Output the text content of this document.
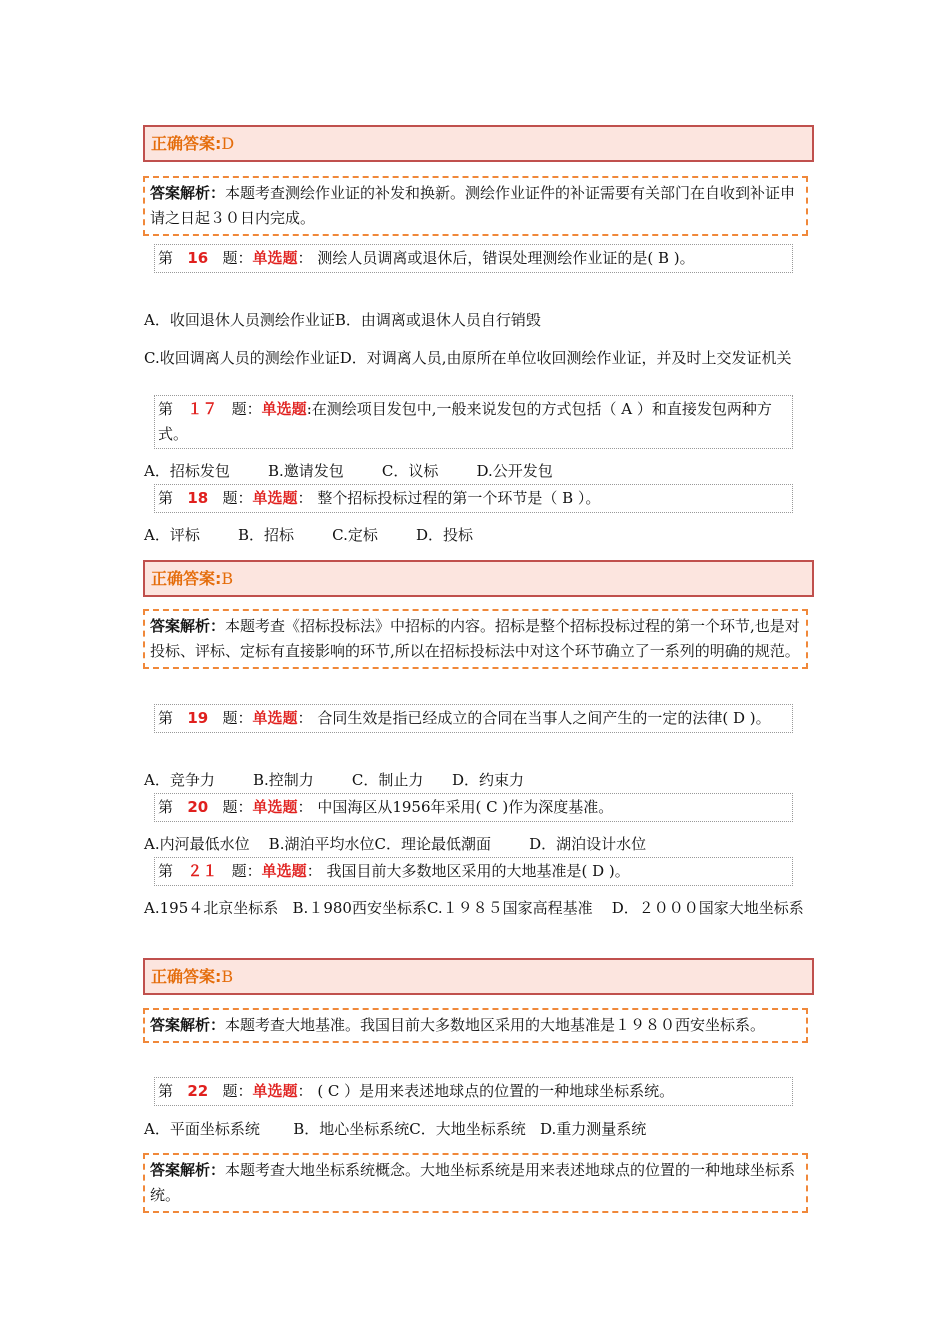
正确答案:D
答案解析：本题考查测绘作业证的补发和换新。测绘作业证件的补证需要有关部门在自收到补证申请之日起３０日内完成。
第 16 题：单选题： 测绘人员调离或退休后，错误处理测绘作业证的是( B )。
A．收回退休人员测绘作业证B．由调离或退休人员自行销毁
C.收回调离人员的测绘作业证D．对调离人员,由原所在单位收回测绘作业证，并及时上交发证机关
第 １７ 题：单选题:在测绘项目发包中,一般来说发包的方式包括（ A ）和直接发包两种方式。
A．招标发包        B.邀请发包        C．议标        D.公开发包
第 18 题：单选题： 整个招标投标过程的第一个环节是（ B ）。
A．评标        B．招标        C.定标        D．投标
正确答案:B
答案解析：本题考查《招标投标法》中招标的内容。招标是整个招标投标过程的第一个环节,也是对投标、评标、定标有直接影响的环节,所以在招标投标法中对这个环节确立了一系列的明确的规范。
第 19 题：单选题： 合同生效是指已经成立的合同在当事人之间产生的一定的法律( D )。
A．竞争力        B.控制力        C．制止力      D．约束力
第 20 题：单选题： 中国海区从1956年采用( C )作为深度基准。
A.内河最低水位    B.湖泊平均水位C．理论最低潮面        D．湖泊设计水位
第 ２１ 题：单选题： 我国目前大多数地区采用的大地基准是( D )。
A.195４北京坐标系   B.１980西安坐标系C.１９８５国家高程基准    D．２０００国家大地坐标系
正确答案:B
答案解析：本题考查大地基准。我国目前大多数地区采用的大地基准是１９８０西安坐标系。
第 22 题：单选题： ( C ）是用来表述地球点的位置的一种地球坐标系统。
A．平面坐标系统       B．地心坐标系统C．大地坐标系统   D.重力测量系统
答案解析：本题考查大地坐标系统概念。大地坐标系统是用来表述地球点的位置的一种地球坐标系统。
